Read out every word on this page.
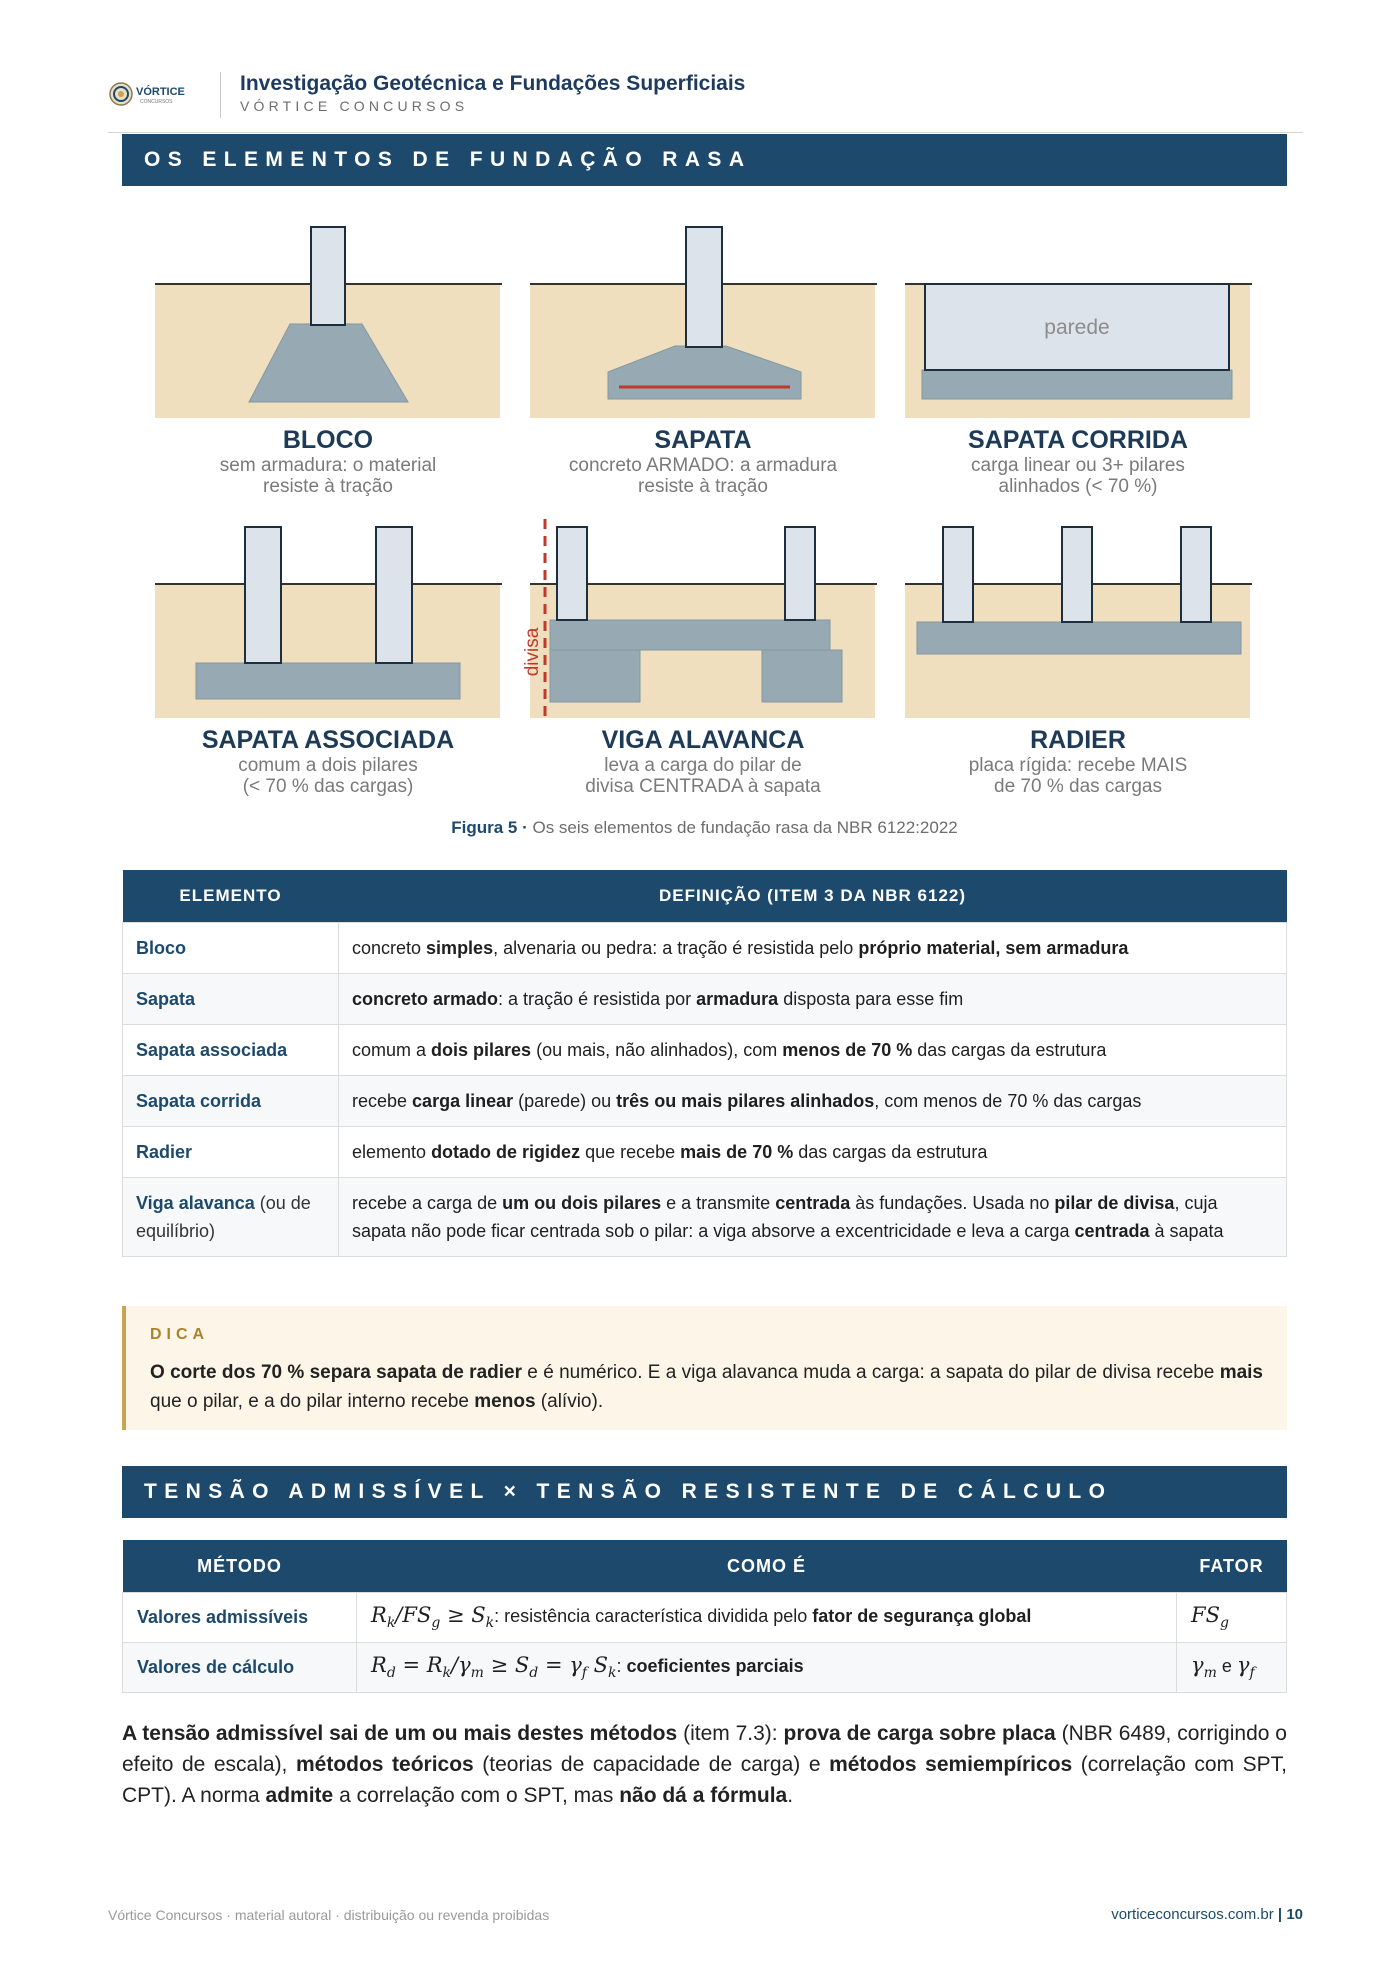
VÓRTICE
CONCURSOS
Investigação Geotécnica e Fundações Superficiais
VÓRTICE CONCURSOS
OS ELEMENTOS DE FUNDAÇÃO RASA
parede
divisa
BLOCO	SAPATA	SAPATA CORRIDA
SAPATA ASSOCIADA	VIGA ALAVANCA	RADIER
sem armadura: o material
resiste à tração
concreto ARMADO: a armadura
resiste à tração
carga linear ou 3+ pilares
alinhados (< 70 %)
comum a dois pilares
(< 70 % das cargas)
leva a carga do pilar de
divisa CENTRADA à sapata
placa rígida: recebe MAIS
de 70 % das cargas
Figura 5 · Os seis elementos de fundação rasa da NBR 6122:2022
ELEMENTO	DEFINIÇÃO (ITEM 3 DA NBR 6122)
Bloco	concreto simples, alvenaria ou pedra: a tração é resistida pelo próprio material, sem armadura
Sapata	concreto armado: a tração é resistida por armadura disposta para esse fim
Sapata associada	comum a dois pilares (ou mais, não alinhados), com menos de 70 % das cargas da estrutura
Sapata corrida	recebe carga linear (parede) ou três ou mais pilares alinhados, com menos de 70 % das cargas
Radier	elemento dotado de rigidez que recebe mais de 70 % das cargas da estrutura
Viga alavanca (ou de equilíbrio)	recebe a carga de um ou dois pilares e a transmite centrada às fundações. Usada no pilar de divisa, cuja sapata não pode ficar centrada sob o pilar: a viga absorve a excentricidade e leva a carga centrada à sapata
DICA
O corte dos 70 % separa sapata de radier e é numérico. E a viga alavanca muda a carga: a sapata do pilar de divisa recebe mais que o pilar, e a do pilar interno recebe menos (alívio).
TENSÃO ADMISSÍVEL × TENSÃO RESISTENTE DE CÁLCULO
MÉTODO	COMO É	FATOR
Valores admissíveis	$R_k/FS_g \ge S_k$: resistência característica dividida pelo fator de segurança global	$FS_g$
Valores de cálculo	$R_d = R_k/\gamma_m \ge S_d = \gamma_f$ $S_k$: coeficientes parciais	$\gamma_m$ e $\gamma_f$
A tensão admissível sai de um ou mais destes métodos (item 7.3): prova de carga sobre placa (NBR 6489, corrigindo o efeito de escala), métodos teóricos (teorias de capacidade de carga) e métodos semiempíricos (correlação com SPT, CPT). A norma admite a correlação com o SPT, mas não dá a fórmula.
Vórtice Concursos · material autoral · distribuição ou revenda proibidas	vorticeconcursos.com.br | 10
